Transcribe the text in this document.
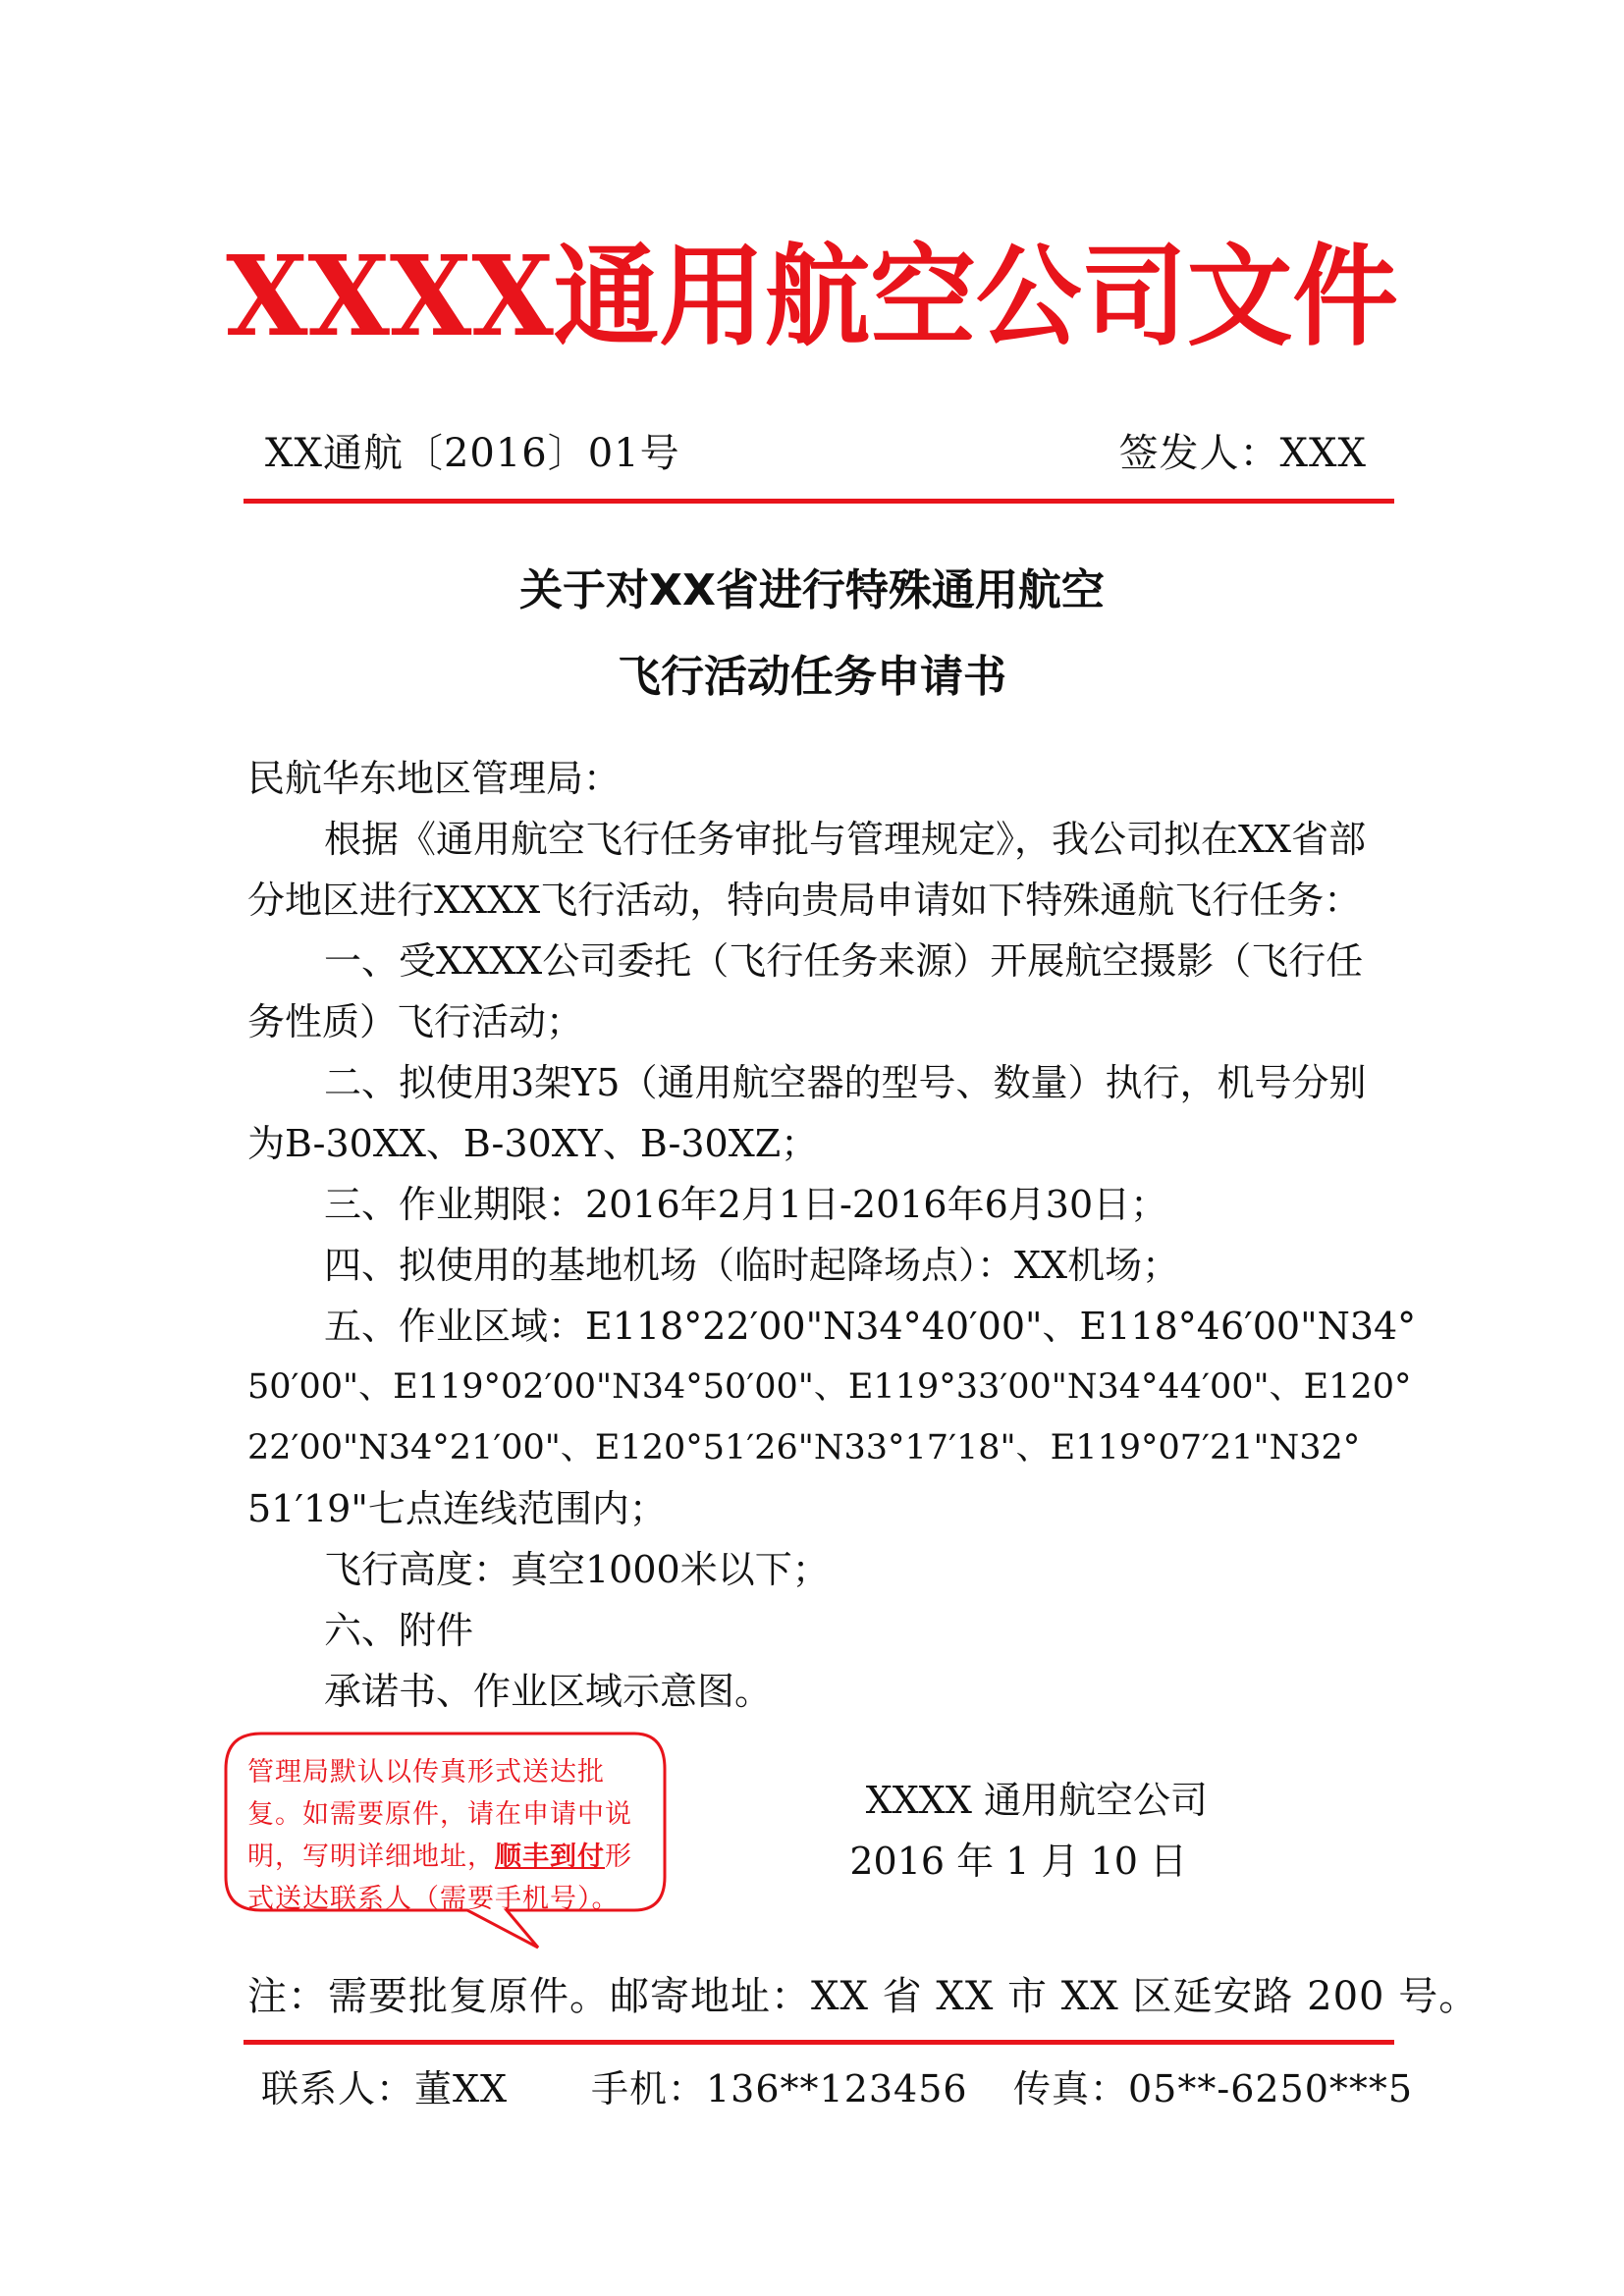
XXXX通用航空公司文件
XX通航〔2016〕01号	签发人：XXX
关于对XX省进行特殊通用航空
飞行活动任务申请书
民航华东地区管理局：
根据《通用航空飞行任务审批与管理规定》，我公司拟在XX省部
分地区进行XXXX飞行活动，特向贵局申请如下特殊通航飞行任务：
一、受XXXX公司委托（飞行任务来源）开展航空摄影（飞行任
务性质）飞行活动；
二、拟使用3架Y5（通用航空器的型号、数量）执行，机号分别
为B-30XX、B-30XY、B-30XZ；
三、作业期限：2016年2月1日-2016年6月30日；
四、拟使用的基地机场（临时起降场点）：XX机场；
五、作业区域：E118°22′00"N34°40′00"、E118°46′00"N34°
50′00"、E119°02′00"N34°50′00"、E119°33′00"N34°44′00"、E120°
22′00"N34°21′00"、E120°51′26"N33°17′18"、E119°07′21"N32°
51′19"七点连线范围内；
飞行高度：真空1000米以下；
六、附件
承诺书、作业区域示意图。
管理局默认以传真形式送达批复。如需要原件，请在申请中说明，写明详细地址，顺丰到付形式送达联系人（需要手机号）。
XXXX 通用航空公司
2016 年 1 月 10 日
注：需要批复原件。邮寄地址：XX 省 XX 市 XX 区延安路 200 号。
联系人：董XX 手机：136**123456 传真：05**-6250***5
